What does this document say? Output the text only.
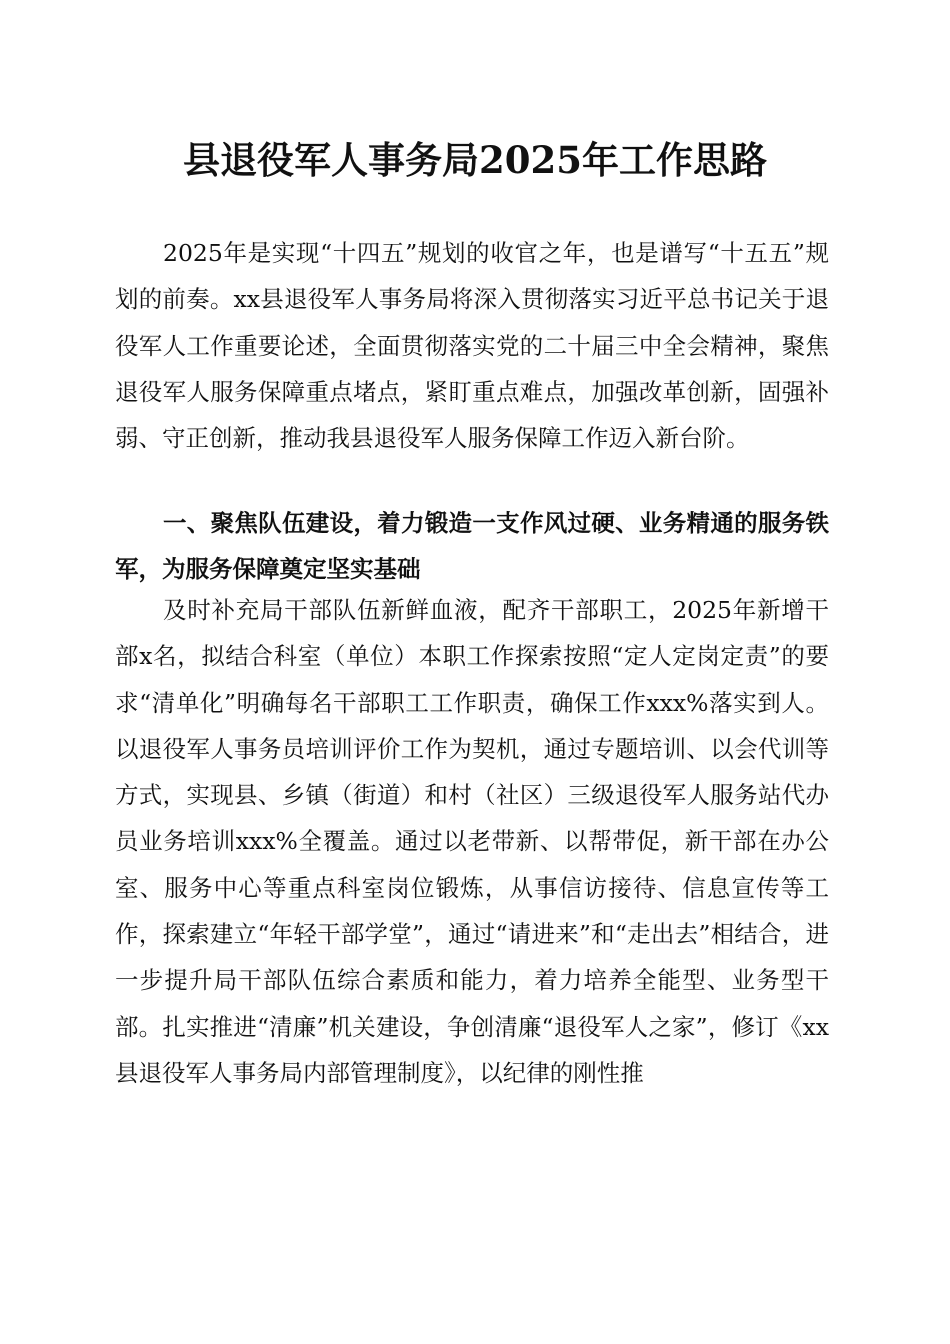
县退役军人事务局2025年工作思路

2025年是实现“十四五”规划的收官之年，也是谱写“十五五”规划的前奏。xx县退役军人事务局将深入贯彻落实习近平总书记关于退役军人工作重要论述，全面贯彻落实党的二十届三中全会精神，聚焦退役军人服务保障重点堵点，紧盯重点难点，加强改革创新，固强补弱、守正创新，推动我县退役军人服务保障工作迈入新台阶。

一、聚焦队伍建设，着力锻造一支作风过硬、业务精通的服务铁军，为服务保障奠定坚实基础

及时补充局干部队伍新鲜血液，配齐干部职工，2025年新增干部x名，拟结合科室（单位）本职工作探索按照“定人定岗定责”的要求“清单化”明确每名干部职工工作职责，确保工作xxx%落实到人。以退役军人事务员培训评价工作为契机，通过专题培训、以会代训等方式，实现县、乡镇（街道）和村（社区）三级退役军人服务站代办员业务培训xxx%全覆盖。通过以老带新、以帮带促，新干部在办公室、服务中心等重点科室岗位锻炼，从事信访接待、信息宣传等工作，探索建立“年轻干部学堂”，通过“请进来”和“走出去”相结合，进一步提升局干部队伍综合素质和能力，着力培养全能型、业务型干部。扎实推进“清廉”机关建设，争创清廉“退役军人之家”，修订《xx县退役军人事务局内部管理制度》，以纪律的刚性推
